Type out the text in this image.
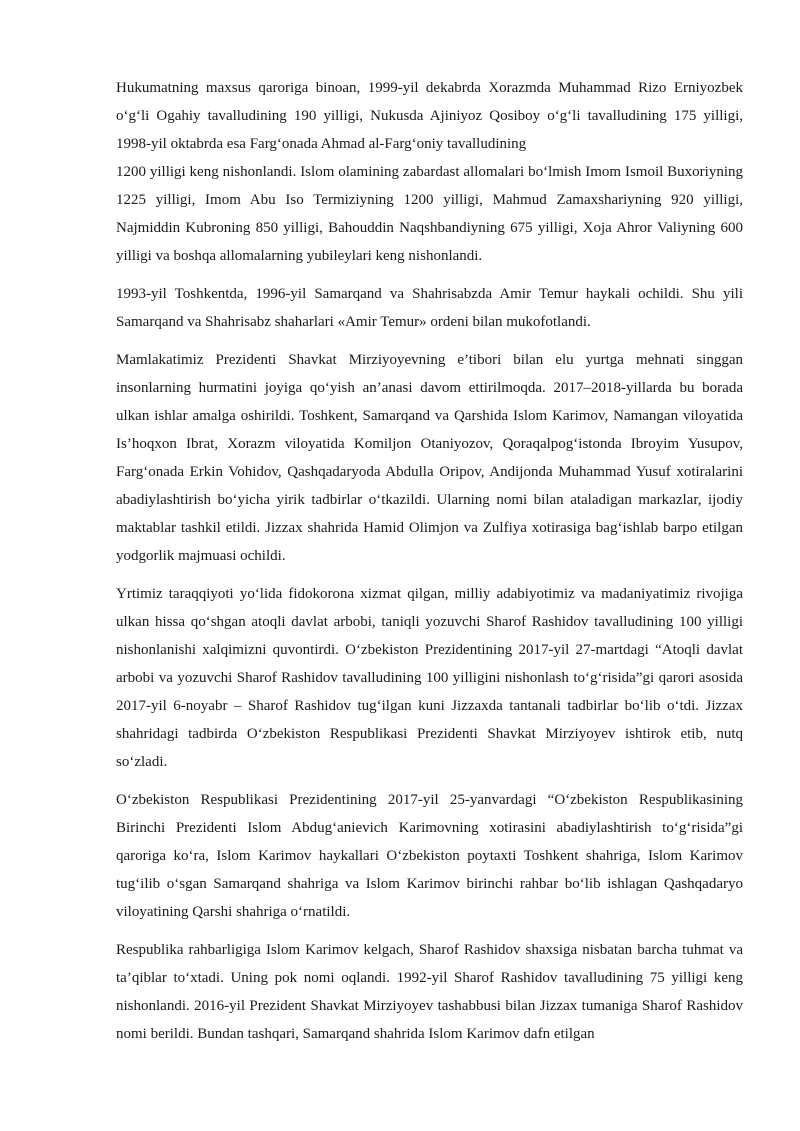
Hukumatning maxsus qaroriga binoan, 1999-yil dekabrda Xorazmda Muhammad Rizo Erniyozbek o‘g‘li Ogahiy tavalludining 190 yilligi, Nukusda Ajiniyoz Qosiboy o‘g‘li tavalludining 175 yilligi, 1998-yil oktabrda esa Farg‘onada Ahmad al-Farg‘oniy tavalludining
1200 yilligi keng nishonlandi. Islom olamining zabardast allomalari bo‘lmish Imom Ismoil Buxoriyning 1225 yilligi, Imom Abu Iso Termiziyning 1200 yilligi, Mahmud Zamaxshariyning 920 yilligi, Najmiddin Kubroning 850 yilligi, Bahouddin Naqshbandiyning 675 yilligi, Xoja Ahror Valiyning 600 yilligi va boshqa allomalarning yubileylari keng nishonlandi.

1993-yil Toshkentda, 1996-yil Samarqand va Shahrisabzda Amir Temur haykali ochildi. Shu yili Samarqand va Shahrisabz shaharlari «Amir Temur» ordeni bilan mukofotlandi.

Mamlakatimiz Prezidenti Shavkat Mirziyoyevning e’tibori bilan elu yurtga mehnati singgan insonlarning hurmatini joyiga qo‘yish an’anasi davom ettirilmoqda. 2017–2018-yillarda bu borada ulkan ishlar amalga oshirildi. Toshkent, Samarqand va Qarshida Islom Karimov, Namangan viloyatida Is’hoqxon Ibrat, Xorazm viloyatida Komiljon Otaniyozov, Qoraqalpog‘istonda Ibroyim Yusupov, Farg‘onada Erkin Vohidov, Qashqadaryoda Abdulla Oripov, Andijonda Muhammad Yusuf xotiralarini abadiylashtirish bo‘yicha yirik tadbirlar o‘tkazildi. Ularning nomi bilan ataladigan markazlar, ijodiy maktablar tashkil etildi. Jizzax shahrida Hamid Olimjon va Zulfiya xotirasiga bag‘ishlab barpo etilgan yodgorlik majmuasi ochildi.

Yrtimiz taraqqiyoti yo‘lida fidokorona xizmat qilgan, milliy adabiyotimiz va madaniyatimiz rivojiga ulkan hissa qo‘shgan atoqli davlat arbobi, taniqli yozuvchi Sharof Rashidov tavalludining 100 yilligi nishonlanishi xalqimizni quvontirdi. O‘zbekiston Prezidentining 2017-yil 27-martdagi “Atoqli davlat arbobi va yozuvchi Sharof Rashidov tavalludining 100 yilligini nishonlash to‘g‘risida”gi qarori asosida 2017-yil 6-noyabr – Sharof Rashidov tug‘ilgan kuni Jizzaxda tantanali tadbirlar bo‘lib o‘tdi. Jizzax shahridagi tadbirda O‘zbekiston Respublikasi Prezidenti Shavkat Mirziyoyev ishtirok etib, nutq so‘zladi.

O‘zbekiston Respublikasi Prezidentining 2017-yil 25-yanvardagi “O‘zbekiston Respublikasining Birinchi Prezidenti Islom Abdug‘anievich Karimovning xotirasini abadiylashtirish to‘g‘risida”gi qaroriga ko‘ra, Islom Karimov haykallari O‘zbekiston poytaxti Toshkent shahriga, Islom Karimov tug‘ilib o‘sgan Samarqand shahriga va Islom Karimov birinchi rahbar bo‘lib ishlagan Qashqadaryo viloyatining Qarshi shahriga o‘rnatildi.

Respublika rahbarligiga Islom Karimov kelgach, Sharof Rashidov shaxsiga nisbatan barcha tuhmat va ta’qiblar to‘xtadi. Uning pok nomi oqlandi. 1992-yil Sharof Rashidov tavalludining 75 yilligi keng nishonlandi. 2016-yil Prezident Shavkat Mirziyoyev tashabbusi bilan Jizzax tumaniga Sharof Rashidov nomi berildi. Bundan tashqari, Samarqand shahrida Islom Karimov dafn etilgan
